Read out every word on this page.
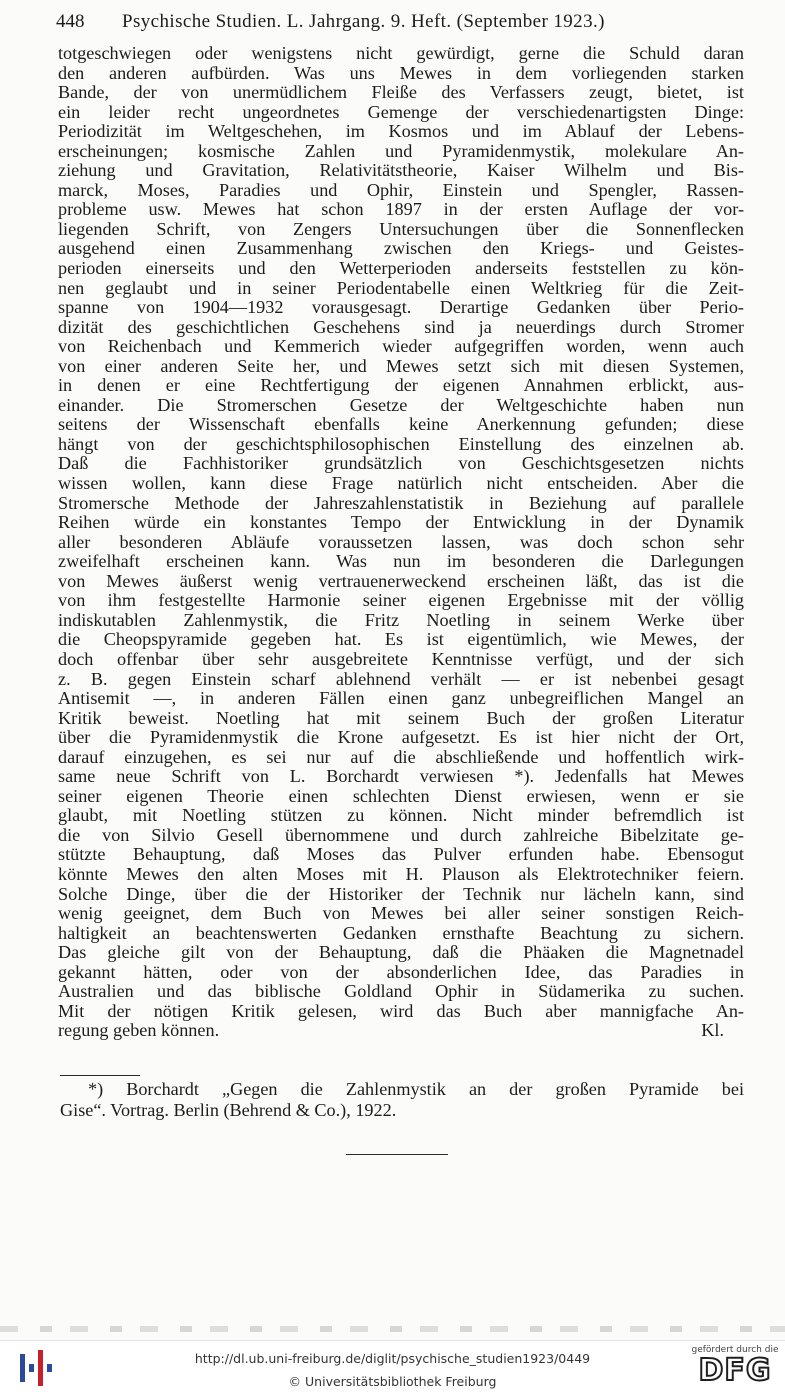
448 Psychische Studien. L. Jahrgang. 9. Heft. (September 1923.)
totgeschwiegen oder wenigstens nicht gewürdigt, gerne die Schuld daran
den anderen aufbürden. Was uns Mewes in dem vorliegenden starken
Bande, der von unermüdlichem Fleiße des Verfassers zeugt, bietet, ist
ein leider recht ungeordnetes Gemenge der verschiedenartigsten Dinge:
Periodizität im Weltgeschehen, im Kosmos und im Ablauf der Lebens-
erscheinungen; kosmische Zahlen und Pyramidenmystik, molekulare An-
ziehung und Gravitation, Relativitätstheorie, Kaiser Wilhelm und Bis-
marck, Moses, Paradies und Ophir, Einstein und Spengler, Rassen-
probleme usw. Mewes hat schon 1897 in der ersten Auflage der vor-
liegenden Schrift, von Zengers Untersuchungen über die Sonnenflecken
ausgehend einen Zusammenhang zwischen den Kriegs- und Geistes-
perioden einerseits und den Wetterperioden anderseits feststellen zu kön-
nen geglaubt und in seiner Periodentabelle einen Weltkrieg für die Zeit-
spanne von 1904—1932 vorausgesagt. Derartige Gedanken über Perio-
dizität des geschichtlichen Geschehens sind ja neuerdings durch Stromer
von Reichenbach und Kemmerich wieder aufgegriffen worden, wenn auch
von einer anderen Seite her, und Mewes setzt sich mit diesen Systemen,
in denen er eine Rechtfertigung der eigenen Annahmen erblickt, aus-
einander. Die Stromerschen Gesetze der Weltgeschichte haben nun
seitens der Wissenschaft ebenfalls keine Anerkennung gefunden; diese
hängt von der geschichtsphilosophischen Einstellung des einzelnen ab.
Daß die Fachhistoriker grundsätzlich von Geschichtsgesetzen nichts
wissen wollen, kann diese Frage natürlich nicht entscheiden. Aber die
Stromersche Methode der Jahreszahlenstatistik in Beziehung auf parallele
Reihen würde ein konstantes Tempo der Entwicklung in der Dynamik
aller besonderen Abläufe voraussetzen lassen, was doch schon sehr
zweifelhaft erscheinen kann. Was nun im besonderen die Darlegungen
von Mewes äußerst wenig vertrauenerweckend erscheinen läßt, das ist die
von ihm festgestellte Harmonie seiner eigenen Ergebnisse mit der völlig
indiskutablen Zahlenmystik, die Fritz Noetling in seinem Werke über
die Cheopspyramide gegeben hat. Es ist eigentümlich, wie Mewes, der
doch offenbar über sehr ausgebreitete Kenntnisse verfügt, und der sich
z. B. gegen Einstein scharf ablehnend verhält — er ist nebenbei gesagt
Antisemit —, in anderen Fällen einen ganz unbegreiflichen Mangel an
Kritik beweist. Noetling hat mit seinem Buch der großen Literatur
über die Pyramidenmystik die Krone aufgesetzt. Es ist hier nicht der Ort,
darauf einzugehen, es sei nur auf die abschließende und hoffentlich wirk-
same neue Schrift von L. Borchardt verwiesen *). Jedenfalls hat Mewes
seiner eigenen Theorie einen schlechten Dienst erwiesen, wenn er sie
glaubt, mit Noetling stützen zu können. Nicht minder befremdlich ist
die von Silvio Gesell übernommene und durch zahlreiche Bibelzitate ge-
stützte Behauptung, daß Moses das Pulver erfunden habe. Ebensogut
könnte Mewes den alten Moses mit H. Plauson als Elektrotechniker feiern.
Solche Dinge, über die der Historiker der Technik nur lächeln kann, sind
wenig geeignet, dem Buch von Mewes bei aller seiner sonstigen Reich-
haltigkeit an beachtenswerten Gedanken ernsthafte Beachtung zu sichern.
Das gleiche gilt von der Behauptung, daß die Phäaken die Magnetnadel
gekannt hätten, oder von der absonderlichen Idee, das Paradies in
Australien und das biblische Goldland Ophir in Südamerika zu suchen.
Mit der nötigen Kritik gelesen, wird das Buch aber mannigfache An-
regung geben können.	Kl.
*) Borchardt „Gegen die Zahlenmystik an der großen Pyramide bei
Gise“. Vortrag. Berlin (Behrend & Co.), 1922.
http://dl.ub.uni-freiburg.de/diglit/psychische_studien1923/0449
© Universitätsbibliothek Freiburg
gefördert durch die
DFG
